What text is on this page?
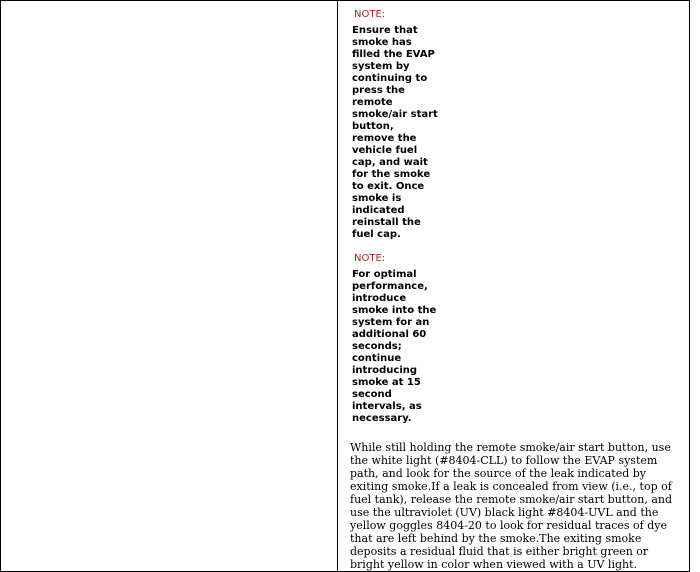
NOTE:
Ensure that smoke has filled the EVAP system by continuing to press the remote smoke/air start button, remove the vehicle fuel cap, and wait for the smoke to exit. Once smoke is indicated reinstall the fuel cap.
NOTE:
For optimal performance, introduce smoke into the system for an additional 60 seconds; continue introducing smoke at 15 second intervals, as necessary.
While still holding the remote smoke/air start button, use the white light (#8404-CLL) to follow the EVAP system path, and look for the source of the leak indicated by exiting smoke.If a leak is concealed from view (i.e., top of fuel tank), release the remote smoke/air start button, and use the ultraviolet (UV) black light #8404-UVL and the yellow goggles 8404-20 to look for residual traces of dye that are left behind by the smoke.The exiting smoke deposits a residual fluid that is either bright green or bright yellow in color when viewed with a UV light.
